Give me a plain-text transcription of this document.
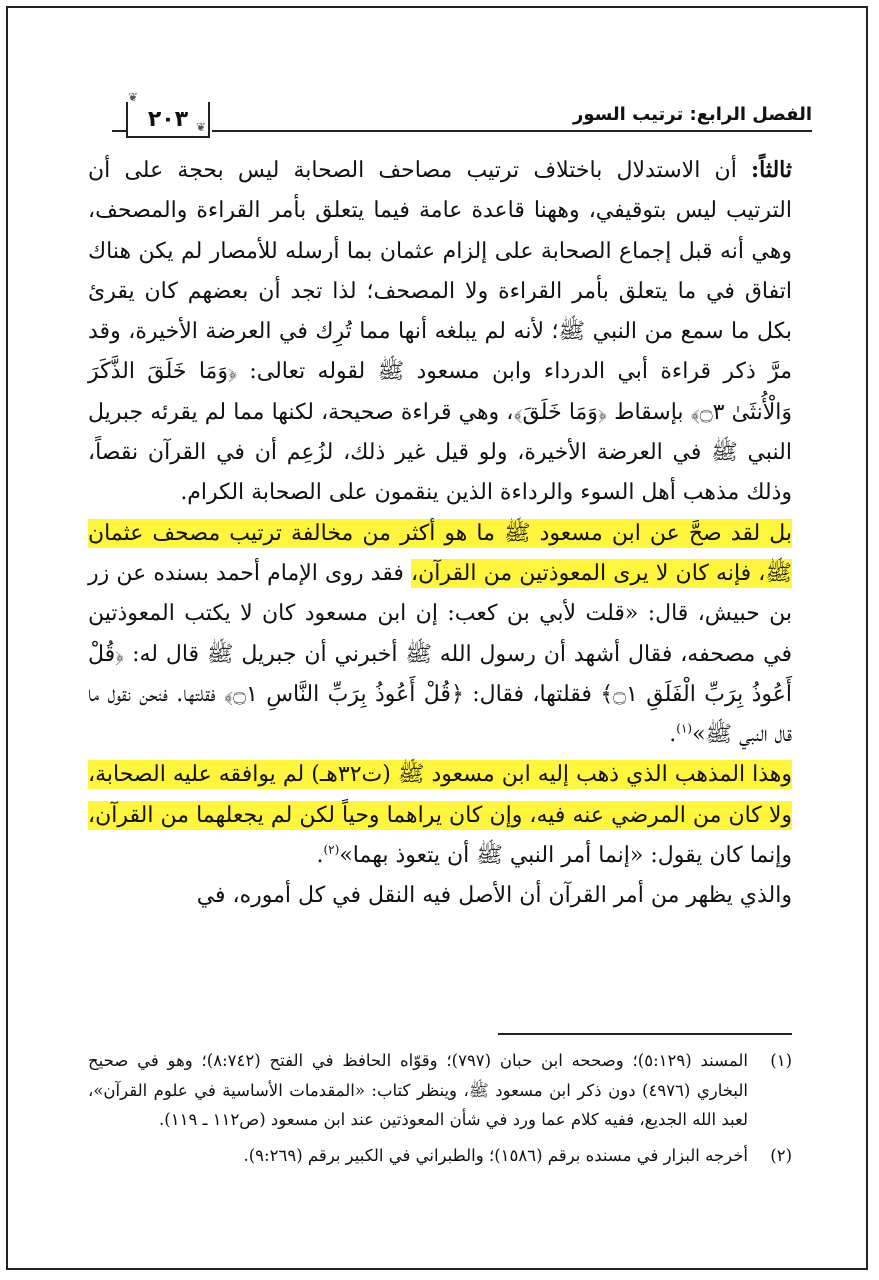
الفصل الرابع: ترتيب السور
٢٠٣
❦
❦

ثالثاً: أن الاستدلال باختلاف ترتيب مصاحف الصحابة ليس بحجة على أن الترتيب ليس بتوقيفي، وههنا قاعدة عامة فيما يتعلق بأمر القراءة والمصحف، وهي أنه قبل إجماع الصحابة على إلزام عثمان بما أرسله للأمصار لم يكن هناك اتفاق في ما يتعلق بأمر القراءة ولا المصحف؛ لذا تجد أن بعضهم كان يقرئ بكل ما سمع من النبي ﷺ؛ لأنه لم يبلغه أنها مما تُرِك في العرضة الأخيرة، وقد مرَّ ذكر قراءة أبي الدرداء وابن مسعود ﷺ لقوله تعالى: ﴿وَمَا خَلَقَ الذَّكَرَ وَالْأُنثَىٰ ۝٣﴾ بإسقاط ﴿وَمَا خَلَقَ﴾، وهي قراءة صحيحة، لكنها مما لم يقرئه جبريل النبي ﷺ في العرضة الأخيرة، ولو قيل غير ذلك، لزُعِم أن في القرآن نقصاً، وذلك مذهب أهل السوء والرداءة الذين ينقمون على الصحابة الكرام.

بل لقد صحَّ عن ابن مسعود ﷺ ما هو أكثر من مخالفة ترتيب مصحف عثمان ﷺ، فإنه كان لا يرى المعوذتين من القرآن، فقد روى الإمام أحمد بسنده عن زر بن حبيش، قال: «قلت لأبي بن كعب: إن ابن مسعود كان لا يكتب المعوذتين في مصحفه، فقال أشهد أن رسول الله ﷺ أخبرني أن جبريل ﷺ قال له: ﴿قُلْ أَعُوذُ بِرَبِّ الْفَلَقِ ۝١﴾ فقلتها، فقال: ﴿قُلْ أَعُوذُ بِرَبِّ النَّاسِ ۝١﴾ فقلتها. فنحن نقول ما قال النبي ﷺ»$^{(١)}$.

وهذا المذهب الذي ذهب إليه ابن مسعود ﷺ (ت٣٢هـ) لم يوافقه عليه الصحابة، ولا كان من المرضي عنه فيه، وإن كان يراهما وحياً لكن لم يجعلهما من القرآن، وإنما كان يقول: «إنما أمر النبي ﷺ أن يتعوذ بهما»$^{(٢)}$.

والذي يظهر من أمر القرآن أن الأصل فيه النقل في كل أموره، في

(١)
المسند (٥:١٢٩)؛ وصححه ابن حبان (٧٩٧)؛ وقوّاه الحافظ في الفتح (٨:٧٤٢)؛ وهو في صحيح البخاري (٤٩٧٦) دون ذكر ابن مسعود ﷺ، وينظر كتاب: «المقدمات الأساسية في علوم القرآن»، لعبد الله الجديع، ففيه كلام عما ورد في شأن المعوذتين عند ابن مسعود (ص١١٢ ـ ١١٩).
(٢)
أخرجه البزار في مسنده برقم (١٥٨٦)؛ والطبراني في الكبير برقم (٩:٢٦٩).
